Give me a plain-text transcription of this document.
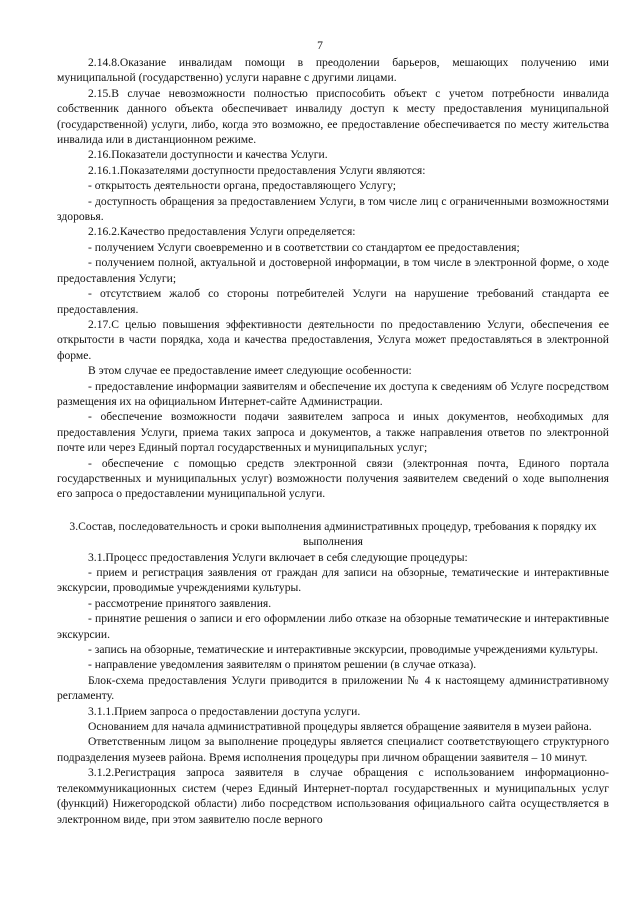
7

2.14.8.Оказание инвалидам помощи в преодолении барьеров, мешающих получению ими муниципальной (государственно) услуги наравне с другими лицами.

2.15.В случае невозможности полностью приспособить объект с учетом потребности инвалида собственник данного объекта обеспечивает инвалиду доступ к месту предоставления муниципальной (государственной) услуги, либо, когда это возможно, ее предоставление обеспечивается по месту жительства инвалида или в дистанционном режиме.

2.16.Показатели доступности и качества Услуги.

2.16.1.Показателями доступности предоставления Услуги являются:

- открытость деятельности органа, предоставляющего Услугу;

- доступность обращения за предоставлением Услуги, в том числе лиц с ограниченными возможностями здоровья.

2.16.2.Качество предоставления Услуги определяется:

- получением Услуги своевременно и в соответствии со стандартом ее предоставления;

- получением полной, актуальной и достоверной информации, в том числе в электронной форме, о ходе предоставления Услуги;

- отсутствием жалоб со стороны потребителей Услуги на нарушение требований стандарта ее предоставления.

2.17.С целью повышения эффективности деятельности по предоставлению Услуги, обеспечения ее открытости в части порядка, хода и качества предоставления, Услуга может предоставляться в электронной форме.

В этом случае ее предоставление имеет следующие особенности:

- предоставление информации заявителям и обеспечение их доступа к сведениям об Услуге посредством размещения их на официальном Интернет-сайте Администрации.

- обеспечение возможности подачи заявителем запроса и иных документов, необходимых для предоставления Услуги, приема таких запроса и документов, а также направления ответов по электронной почте или через Единый портал государственных и муниципальных услуг;

- обеспечение с помощью средств электронной связи (электронная почта, Единого портала государственных и муниципальных услуг) возможности получения заявителем сведений о ходе выполнения его запроса о предоставлении муниципальной услуги.

3.Состав, последовательность и сроки выполнения административных процедур, требования к порядку их выполнения

3.1.Процесс предоставления Услуги включает в себя следующие процедуры:

- прием и регистрация заявления от граждан для записи на обзорные, тематические и интерактивные экскурсии, проводимые учреждениями культуры.

- рассмотрение принятого заявления.

- принятие решения о записи и его оформлении либо отказе на обзорные тематические и интерактивные экскурсии.

- запись на обзорные, тематические и интерактивные экскурсии, проводимые учреждениями культуры.

- направление уведомления заявителям о принятом решении (в случае отказа).

Блок-схема предоставления Услуги приводится в приложении № 4 к настоящему административному регламенту.

3.1.1.Прием запроса о предоставлении доступа услуги.

Основанием для начала административной процедуры является обращение заявителя в музеи района.

Ответственным лицом за выполнение процедуры является специалист соответствующего структурного подразделения музеев района. Время исполнения процедуры при личном обращении заявителя – 10 минут.

3.1.2.Регистрация запроса заявителя в случае обращения с использованием информационно-телекоммуникационных систем (через Единый Интернет-портал государственных и муниципальных услуг (функций) Нижегородской области) либо посредством использования официального сайта осуществляется в электронном виде, при этом заявителю после верного
